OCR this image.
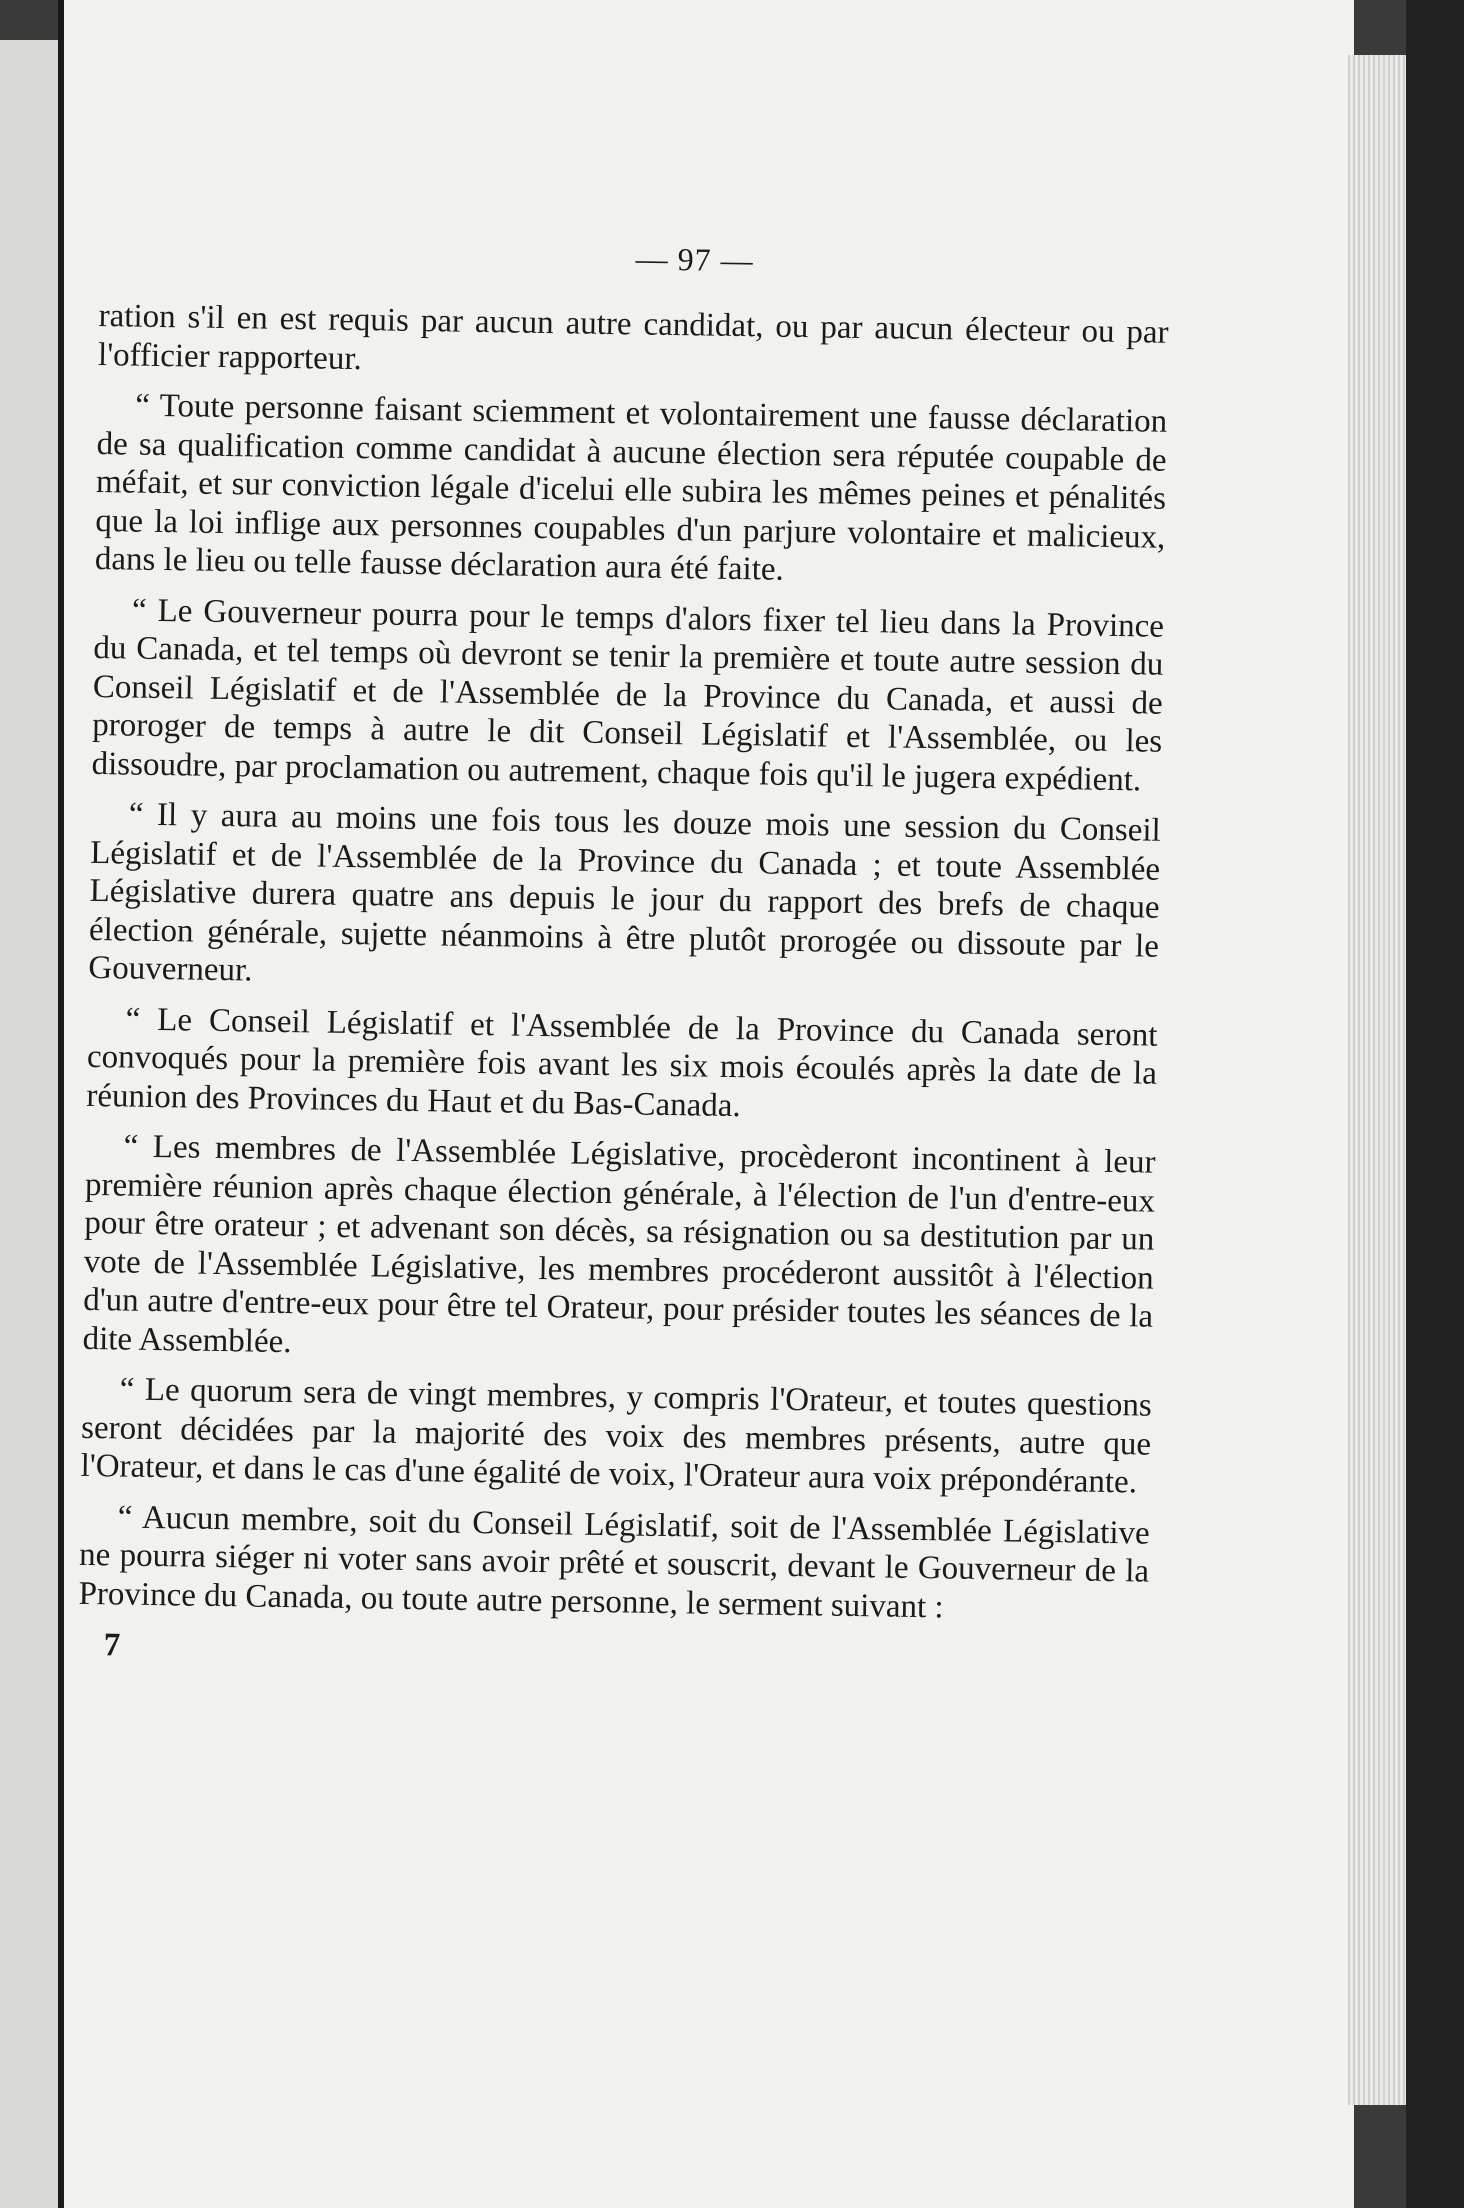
— 97 —

ration s'il en est requis par aucun autre candidat, ou par aucun électeur ou par l'officier rapporteur.

“ Toute personne faisant sciemment et volontairement une fausse déclaration de sa qualification comme candidat à aucune élection sera réputée coupable de méfait, et sur conviction légale d'icelui elle subira les mêmes peines et pénalités que la loi inflige aux personnes coupables d'un parjure volontaire et malicieux, dans le lieu ou telle fausse déclaration aura été faite.

“ Le Gouverneur pourra pour le temps d'alors fixer tel lieu dans la Province du Canada, et tel temps où devront se tenir la première et toute autre session du Conseil Législatif et de l'Assemblée de la Province du Canada, et aussi de proroger de temps à autre le dit Conseil Législatif et l'Assemblée, ou les dissoudre, par proclamation ou autrement, chaque fois qu'il le jugera expédient.

“ Il y aura au moins une fois tous les douze mois une session du Conseil Législatif et de l'Assemblée de la Province du Canada ; et toute Assemblée Législative durera quatre ans depuis le jour du rapport des brefs de chaque élection générale, sujette néanmoins à être plutôt prorogée ou dissoute par le Gouverneur.

“ Le Conseil Législatif et l'Assemblée de la Province du Canada seront convoqués pour la première fois avant les six mois écoulés après la date de la réunion des Provinces du Haut et du Bas-Canada.

“ Les membres de l'Assemblée Législative, procèderont incontinent à leur première réunion après chaque élection générale, à l'élection de l'un d'entre-eux pour être orateur ; et advenant son décès, sa résignation ou sa destitution par un vote de l'Assemblée Législative, les membres procéderont aussitôt à l'élection d'un autre d'entre-eux pour être tel Orateur, pour présider toutes les séances de la dite Assemblée.

“ Le quorum sera de vingt membres, y compris l'Orateur, et toutes questions seront décidées par la majorité des voix des membres présents, autre que l'Orateur, et dans le cas d'une égalité de voix, l'Orateur aura voix prépondérante.

“ Aucun membre, soit du Conseil Législatif, soit de l'Assemblée Législative ne pourra siéger ni voter sans avoir prêté et souscrit, devant le Gouverneur de la Province du Canada, ou toute autre personne, le serment suivant :

7
